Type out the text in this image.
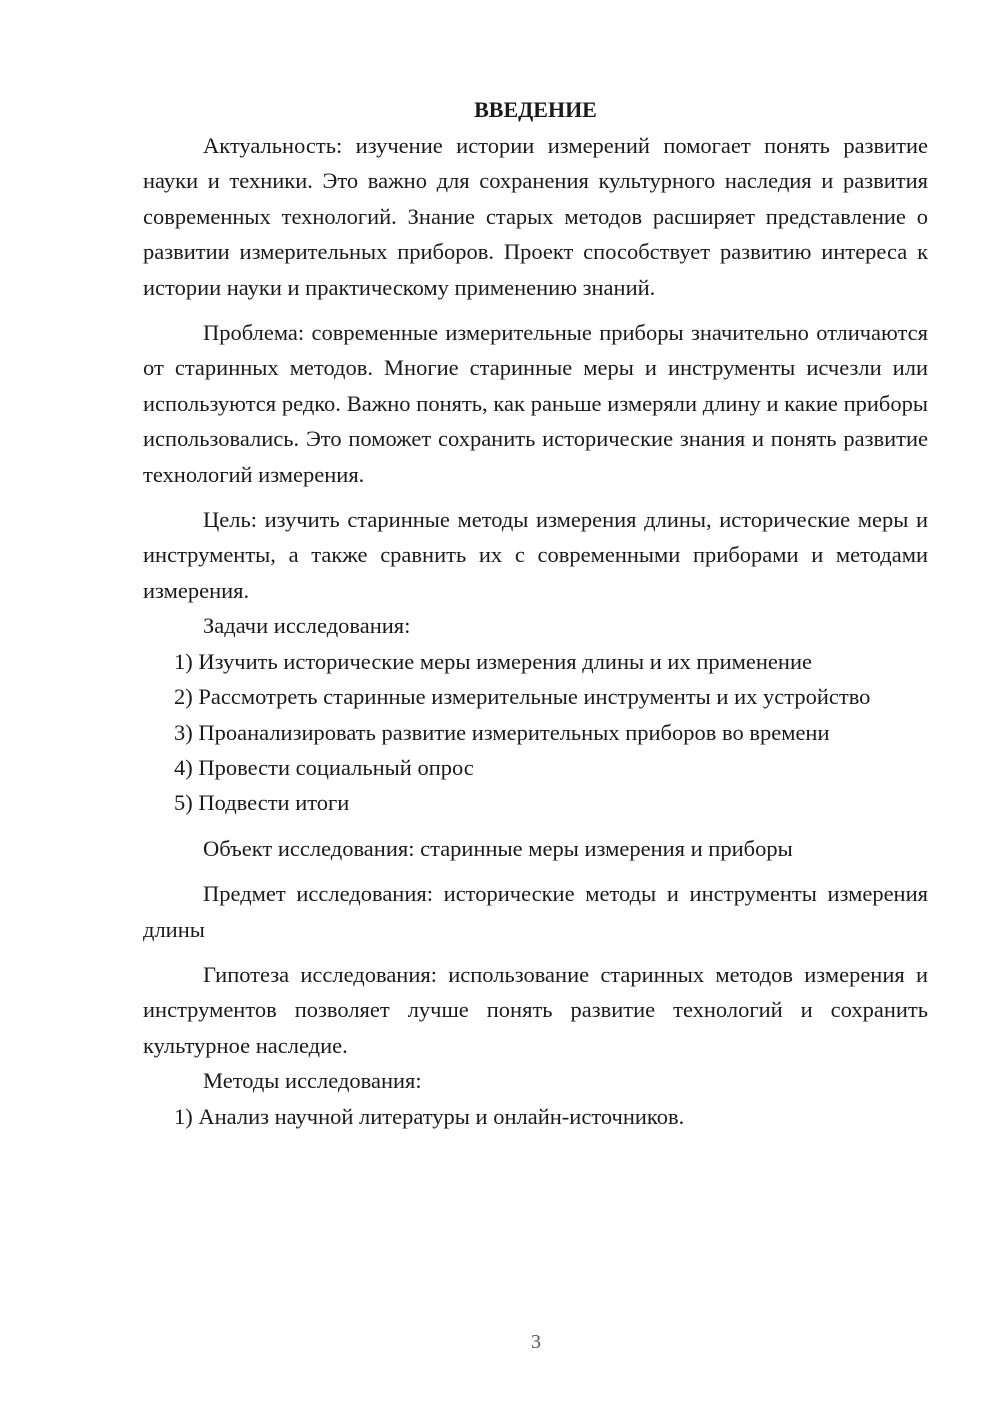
ВВЕДЕНИЕ

Актуальность: изучение истории измерений помогает понять развитие науки и техники. Это важно для сохранения культурного наследия и развития современных технологий. Знание старых методов расширяет представление о развитии измерительных приборов. Проект способствует развитию интереса к истории науки и практическому применению знаний.

Проблема: современные измерительные приборы значительно отличаются от старинных методов. Многие старинные меры и инструменты исчезли или используются редко. Важно понять, как раньше измеряли длину и какие приборы использовались. Это поможет сохранить исторические знания и понять развитие технологий измерения.

Цель: изучить старинные методы измерения длины, исторические меры и инструменты, а также сравнить их с современными приборами и методами измерения.

Задачи исследования:

1) Изучить исторические меры измерения длины и их применение

2) Рассмотреть старинные измерительные инструменты и их устройство

3) Проанализировать развитие измерительных приборов во времени

4) Провести социальный опрос

5) Подвести итоги

Объект исследования: старинные меры измерения и приборы

Предмет исследования: исторические методы и инструменты измерения длины

Гипотеза исследования: использование старинных методов измерения и инструментов позволяет лучше понять развитие технологий и сохранить культурное наследие.

Методы исследования:

1) Анализ научной литературы и онлайн-источников.

3
